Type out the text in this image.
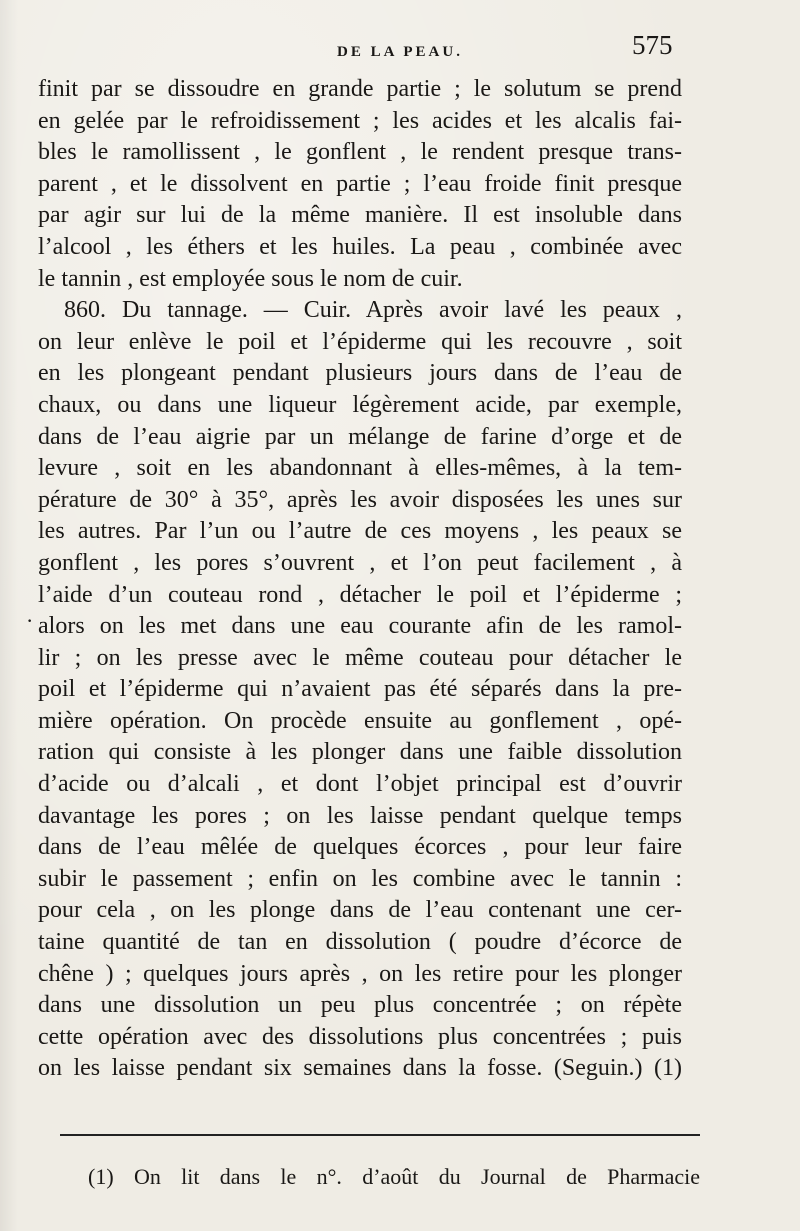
DE LA PEAU.	575
·
finit par se dissoudre en grande partie ; le solutum se prend
en gelée par le refroidissement ; les acides et les alcalis fai-
bles le ramollissent , le gonflent , le rendent presque trans-
parent , et le dissolvent en partie ; l’eau froide finit presque
par agir sur lui de la même manière. Il est insoluble dans
l’alcool , les éthers et les huiles. La peau , combinée avec
le tannin , est employée sous le nom de cuir.
860. Du tannage. — Cuir. Après avoir lavé les peaux ,
on leur enlève le poil et l’épiderme qui les recouvre , soit
en les plongeant pendant plusieurs jours dans de l’eau de
chaux, ou dans une liqueur légèrement acide, par exemple,
dans de l’eau aigrie par un mélange de farine d’orge et de
levure , soit en les abandonnant à elles-mêmes, à la tem-
pérature de 30° à 35°, après les avoir disposées les unes sur
les autres. Par l’un ou l’autre de ces moyens , les peaux se
gonflent , les pores s’ouvrent , et l’on peut facilement , à
l’aide d’un couteau rond , détacher le poil et l’épiderme ;
alors on les met dans une eau courante afin de les ramol-
lir ; on les presse avec le même couteau pour détacher le
poil et l’épiderme qui n’avaient pas été séparés dans la pre-
mière opération. On procède ensuite au gonflement , opé-
ration qui consiste à les plonger dans une faible dissolution
d’acide ou d’alcali , et dont l’objet principal est d’ouvrir
davantage les pores ; on les laisse pendant quelque temps
dans de l’eau mêlée de quelques écorces , pour leur faire
subir le passement ; enfin on les combine avec le tannin :
pour cela , on les plonge dans de l’eau contenant une cer-
taine quantité de tan en dissolution ( poudre d’écorce de
chêne ) ; quelques jours après , on les retire pour les plonger
dans une dissolution un peu plus concentrée ; on répète
cette opération avec des dissolutions plus concentrées ; puis
on les laisse pendant six semaines dans la fosse. (Seguin.) (1)
(1) On lit dans le n°. d’août du Journal de Pharmacie
